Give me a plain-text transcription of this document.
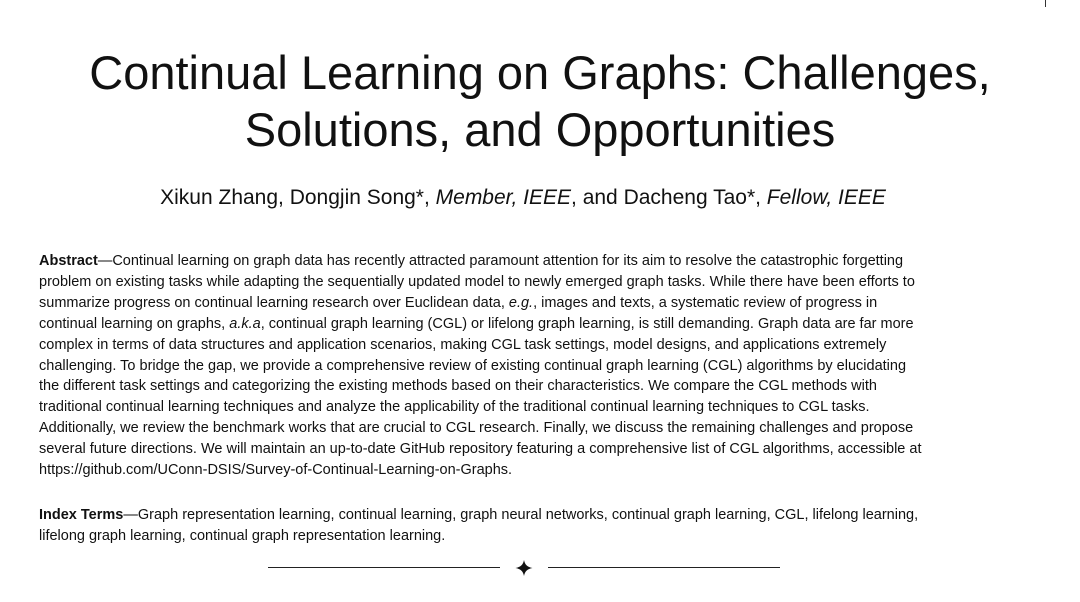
Continual Learning on Graphs: Challenges,
Solutions, and Opportunities
Xikun Zhang, Dongjin Song*, Member, IEEE, and Dacheng Tao*, Fellow, IEEE
Abstract—Continual learning on graph data has recently attracted paramount attention for its aim to resolve the catastrophic forgetting
problem on existing tasks while adapting the sequentially updated model to newly emerged graph tasks. While there have been efforts to
summarize progress on continual learning research over Euclidean data, e.g., images and texts, a systematic review of progress in
continual learning on graphs, a.k.a, continual graph learning (CGL) or lifelong graph learning, is still demanding. Graph data are far more
complex in terms of data structures and application scenarios, making CGL task settings, model designs, and applications extremely
challenging. To bridge the gap, we provide a comprehensive review of existing continual graph learning (CGL) algorithms by elucidating
the different task settings and categorizing the existing methods based on their characteristics. We compare the CGL methods with
traditional continual learning techniques and analyze the applicability of the traditional continual learning techniques to CGL tasks.
Additionally, we review the benchmark works that are crucial to CGL research. Finally, we discuss the remaining challenges and propose
several future directions. We will maintain an up-to-date GitHub repository featuring a comprehensive list of CGL algorithms, accessible at
https://github.com/UConn-DSIS/Survey-of-Continual-Learning-on-Graphs.
Index Terms—Graph representation learning, continual learning, graph neural networks, continual graph learning, CGL, lifelong learning,
lifelong graph learning, continual graph representation learning.
